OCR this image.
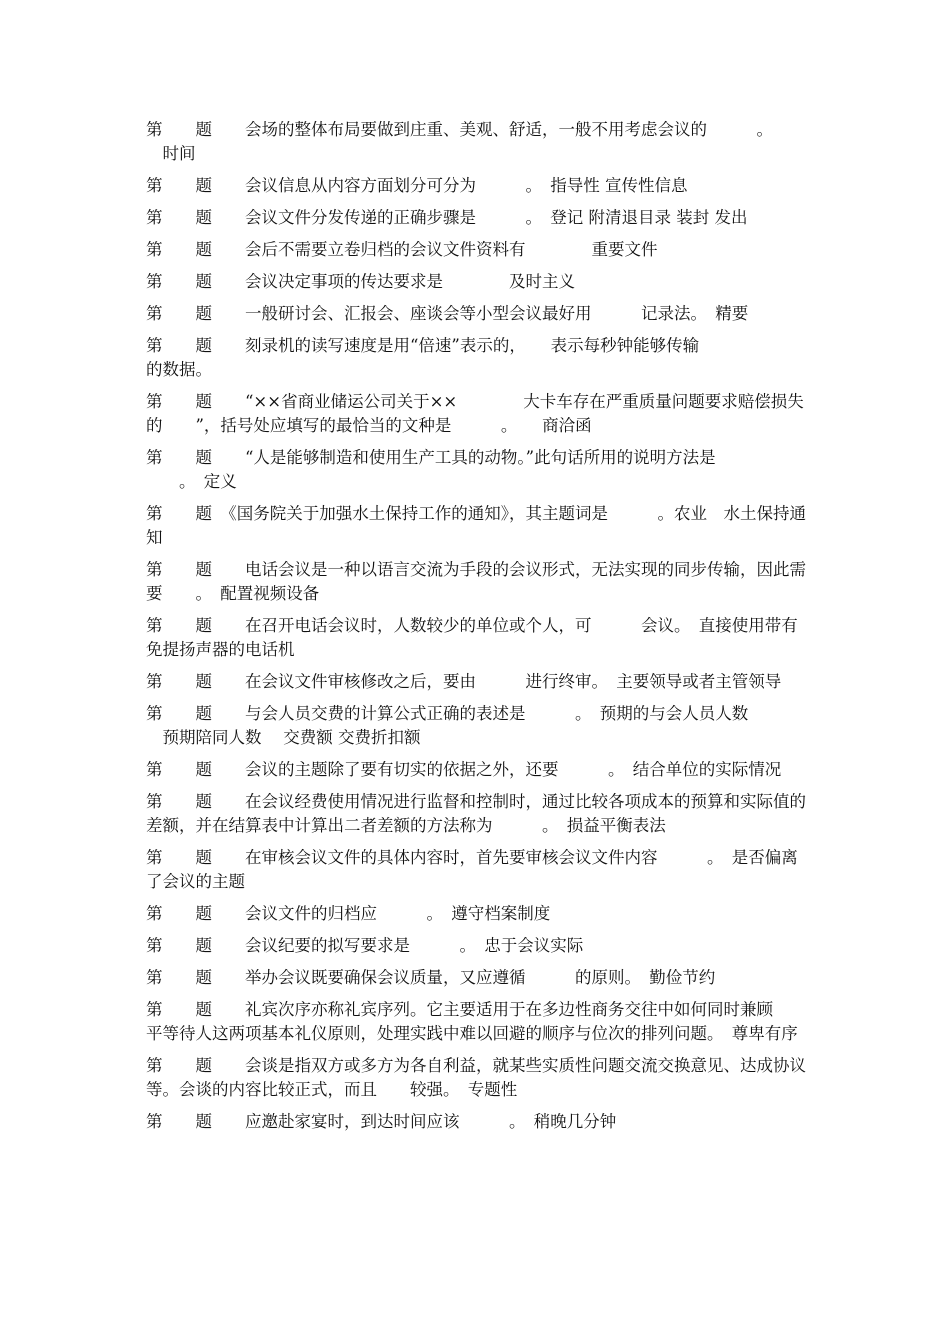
第　　题　　会场的整体布局要做到庄重、美观、舒适，一般不用考虑会议的　　　。
　时间

第　　题　　会议信息从内容方面划分可分为　　　。　指导性 宣传性信息

第　　题　　会议文件分发传递的正确步骤是　　　。　登记 附清退目录 装封 发出

第　　题　　会后不需要立卷归档的会议文件资料有　　　　重要文件

第　　题　　会议决定事项的传达要求是　　　　及时主义

第　　题　　一般研讨会、汇报会、座谈会等小型会议最好用　　　记录法。　精要

第　　题　　刻录机的读写速度是用“倍速”表示的，　　表示每秒钟能够传输
的数据。

第　　题　　“××省商业储运公司关于××　　　　大卡车存在严重质量问题要求赔偿损失的　　”，括号处应填写的最恰当的文种是　　　。　　商洽函

第　　题　　“人是能够制造和使用生产工具的动物。”此句话所用的说明方法是
　　。　定义

第　　题　《国务院关于加强水土保持工作的通知》，其主题词是　　　。农业　水土保持通知

第　　题　　电话会议是一种以语言交流为手段的会议形式，无法实现的同步传输，因此需要　　。　配置视频设备

第　　题　　在召开电话会议时，人数较少的单位或个人，可　　　会议。　直接使用带有免提扬声器的电话机

第　　题　　在会议文件审核修改之后，要由　　　进行终审。　主要领导或者主管领导

第　　题　　与会人员交费的计算公式正确的表述是　　　。　预期的与会人员人数
　预期陪同人数　 交费额 交费折扣额

第　　题　　会议的主题除了要有切实的依据之外，还要　　　。　结合单位的实际情况

第　　题　　在会议经费使用情况进行监督和控制时，通过比较各项成本的预算和实际值的差额，并在结算表中计算出二者差额的方法称为　　　。　损益平衡表法

第　　题　　在审核会议文件的具体内容时，首先要审核会议文件内容　　　。　是否偏离了会议的主题

第　　题　　会议文件的归档应　　　。　遵守档案制度

第　　题　　会议纪要的拟写要求是　　　。　忠于会议实际

第　　题　　举办会议既要确保会议质量，又应遵循　　　的原则。　勤俭节约

第　　题　　礼宾次序亦称礼宾序列。它主要适用于在多边性商务交往中如何同时兼顾　　　平等待人这两项基本礼仪原则，处理实践中难以回避的顺序与位次的排列问题。　尊卑有序

第　　题　　会谈是指双方或多方为各自利益，就某些实质性问题交流交换意见、达成协议等。会谈的内容比较正式，而且　　较强。　专题性

第　　题　　应邀赴家宴时，到达时间应该　　　。　稍晚几分钟
